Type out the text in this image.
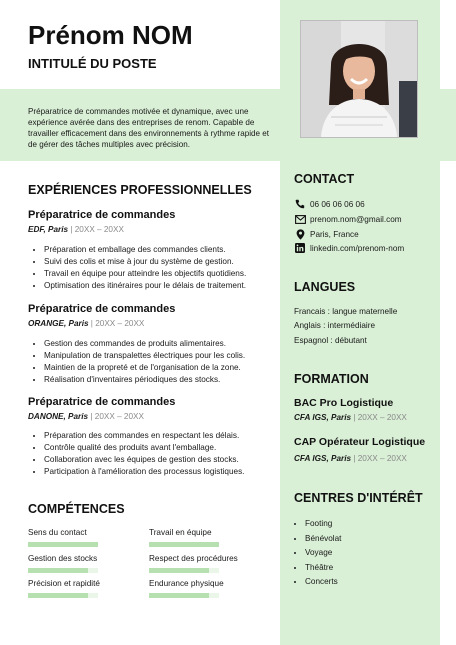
Prénom NOM
INTITULÉ DU POSTE
Préparatrice de commandes motivée et dynamique, avec une expérience avérée dans des entreprises de renom. Capable de travailler efficacement dans des environnements à rythme rapide et de gérer des tâches multiples avec précision.
EXPÉRIENCES PROFESSIONNELLES
Préparatrice de commandes
EDF, Paris | 20XX – 20XX
• Préparation et emballage des commandes clients.
• Suivi des colis et mise à jour du système de gestion.
• Travail en équipe pour atteindre les objectifs quotidiens.
• Optimisation des itinéraires pour le délais de traitement.
Préparatrice de commandes
ORANGE, Paris | 20XX – 20XX
• Gestion des commandes de produits alimentaires.
• Manipulation de transpalettes électriques pour les colis.
• Maintien de la propreté et de l'organisation de la zone.
• Réalisation d'inventaires périodiques des stocks.
Préparatrice de commandes
DANONE, Paris | 20XX – 20XX
• Préparation des commandes en respectant les délais.
• Contrôle qualité des produits avant l'emballage.
• Collaboration avec les équipes de gestion des stocks.
• Participation à l'amélioration des processus logistiques.
COMPÉTENCES
Sens du contact	Travail en équipe
Gestion des stocks	Respect des procédures
Précision et rapidité	Endurance physique
CONTACT
06 06 06 06 06
prenom.nom@gmail.com
Paris, France
linkedin.com/prenom-nom
LANGUES
Francais : langue maternelle
Anglais : intermédiaire
Espagnol : débutant
FORMATION
BAC Pro Logistique
CFA IGS, Paris | 20XX – 20XX
CAP Opérateur Logistique
CFA IGS, Paris | 20XX – 20XX
CENTRES D'INTÉRÊT
• Footing
• Bénévolat
• Voyage
• Théâtre
• Concerts
